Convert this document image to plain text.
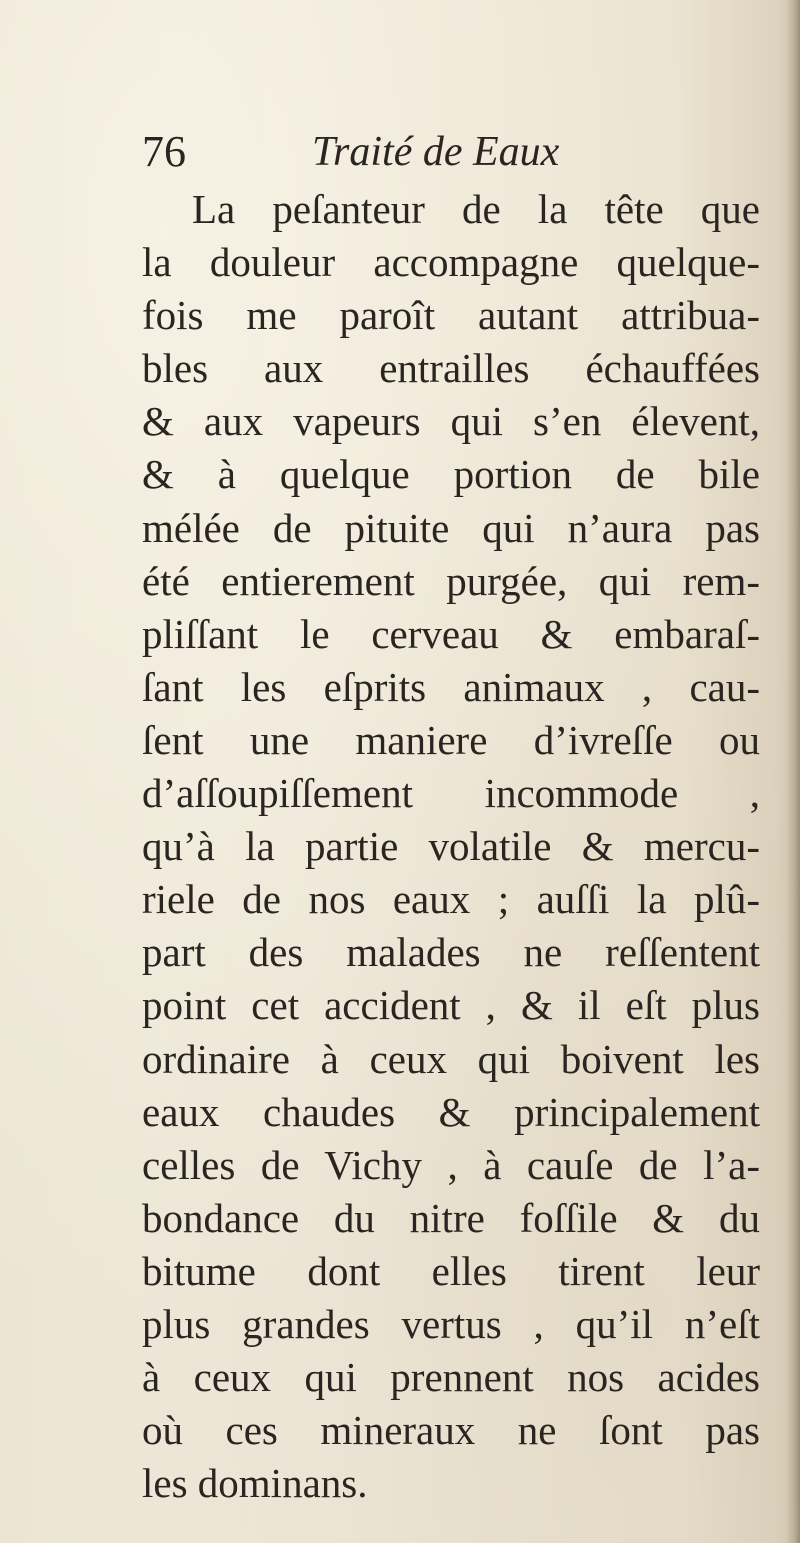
76	Traité de Eaux
La peſanteur de la tête que
la douleur accompagne quelque-
fois me paroît autant attribua-
bles aux entrailles échauffées
& aux vapeurs qui s’en élevent,
& à quelque portion de bile
mélée de pituite qui n’aura pas
été entierement purgée, qui rem-
pliſſant le cerveau & embaraſ-
ſant les eſprits animaux , cau-
ſent une maniere d’ivreſſe ou
d’aſſoupiſſement incommode ,
qu’à la partie volatile & mercu-
riele de nos eaux ; auſſi la plû-
part des malades ne reſſentent
point cet accident , & il eſt plus
ordinaire à ceux qui boivent les
eaux chaudes & principalement
celles de Vichy , à cauſe de l’a-
bondance du nitre foſſile & du
bitume dont elles tirent leur
plus grandes vertus , qu’il n’eſt
à ceux qui prennent nos acides
où ces mineraux ne ſont pas
les dominans.
